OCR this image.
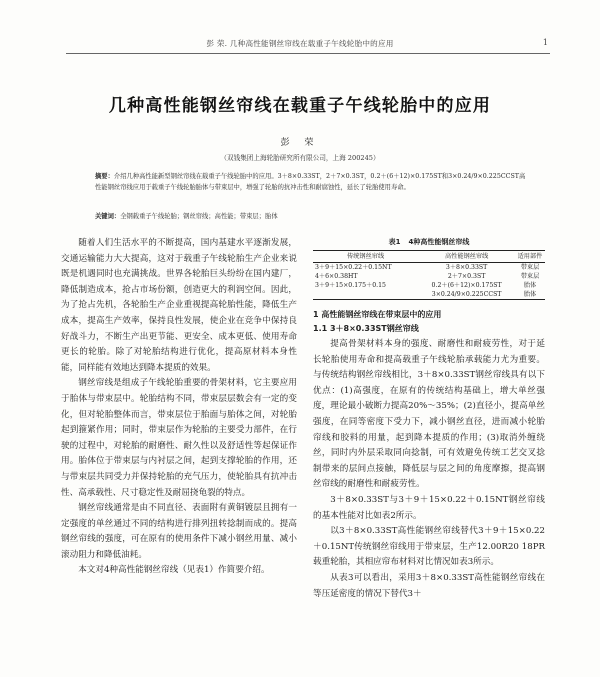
彭 荣. 几种高性能钢丝帘线在载重子午线轮胎中的应用	1
几种高性能钢丝帘线在载重子午线轮胎中的应用
彭 荣
（双钱集团上海轮胎研究所有限公司，上海 200245）
摘要：介绍几种高性能新型钢丝帘线在载重子午线轮胎中的应用。3＋8×0.33ST，2＋7×0.3ST，0.2＋(6＋12)×0.175ST和3×0.24/9×0.225CCST高性能钢丝帘线应用于载重子午线轮胎胎体与带束层中，增强了轮胎的抗冲击性和耐腐蚀性，延长了轮胎使用寿命。
关键词：全钢载重子午线轮胎；钢丝帘线；高性能；带束层；胎体

随着人们生活水平的不断提高，国内基建水平逐渐发展，交通运输能力大大提高，这对于载重子午线轮胎生产企业来说既是机遇同时也充满挑战。世界各轮胎巨头纷纷在国内建厂，降低制造成本，抢占市场份额，创造更大的利润空间。因此，为了抢占先机，各轮胎生产企业重视提高轮胎性能，降低生产成本，提高生产效率，保持良性发展，使企业在竞争中保持良好战斗力，不断生产出更节能、更安全、成本更低、使用寿命更长的轮胎。除了对轮胎结构进行优化，提高原材料本身性能，同样能有效地达到降本提质的效果。

钢丝帘线是组成子午线轮胎重要的骨架材料，它主要应用于胎体与带束层中。轮胎结构不同，带束层层数会有一定的变化，但对轮胎整体而言，带束层位于胎面与胎体之间，对轮胎起到箍紧作用；同时，带束层作为轮胎的主要受力部件，在行驶的过程中，对轮胎的耐磨性、耐久性以及舒适性等起保证作用。胎体位于带束层与内衬层之间，起到支撑轮胎的作用，还与带束层共同受力并保持轮胎的充气压力，使轮胎具有抗冲击性、高承载性、尺寸稳定性及耐屈挠龟裂的特点。

钢丝帘线通常是由不同直径、表面附有黄铜镀层且拥有一定强度的单丝通过不同的结构进行排列扭转捻制而成的。提高钢丝帘线的强度，可在原有的使用条件下减小钢丝用量、减小滚动阻力和降低油耗。

本文对4种高性能钢丝帘线（见表1）作简要介绍。

表1 4种高性能钢丝帘线
传统钢丝帘线	高性能钢丝帘线	适用部件
3＋9＋15×0.22＋0.15NT	3＋8×0.33ST	带束层
4＋6×0.38HT	2＋7×0.3ST	带束层
3＋9＋15×0.175＋0.15	0.2＋(6＋12)×0.175ST	胎体
	3×0.24/9×0.225CCST	胎体
1 高性能钢丝帘线在带束层中的应用
1.1 3＋8×0.33ST钢丝帘线

提高骨架材料本身的强度、耐磨性和耐疲劳性，对于延长轮胎使用寿命和提高载重子午线轮胎承载能力尤为重要。与传统结构钢丝帘线相比，3＋8×0.33ST钢丝帘线具有以下优点：(1)高强度，在原有的传统结构基础上，增大单丝强度，理论最小破断力提高20%～35%；(2)直径小，提高单丝强度，在同等密度下受力下，减小钢丝直径，进而减小轮胎帘线和胶料的用量，起到降本提质的作用；(3)取消外缠绕丝，同时内外层采取同向捻制，可有效避免传统工艺交叉捻制带来的层间点接触，降低层与层之间的角度摩擦，提高钢丝帘线的耐磨性和耐疲劳性。

3＋8×0.33ST与3＋9＋15×0.22＋0.15NT钢丝帘线的基本性能对比如表2所示。

以3＋8×0.33ST高性能钢丝帘线替代3＋9＋15×0.22＋0.15NT传统钢丝帘线用于带束层，生产12.00R20 18PR载重轮胎，其相应帘布材料对比情况如表3所示。

从表3可以看出，采用3＋8×0.33ST高性能钢丝帘线在等压延密度的情况下替代3＋
